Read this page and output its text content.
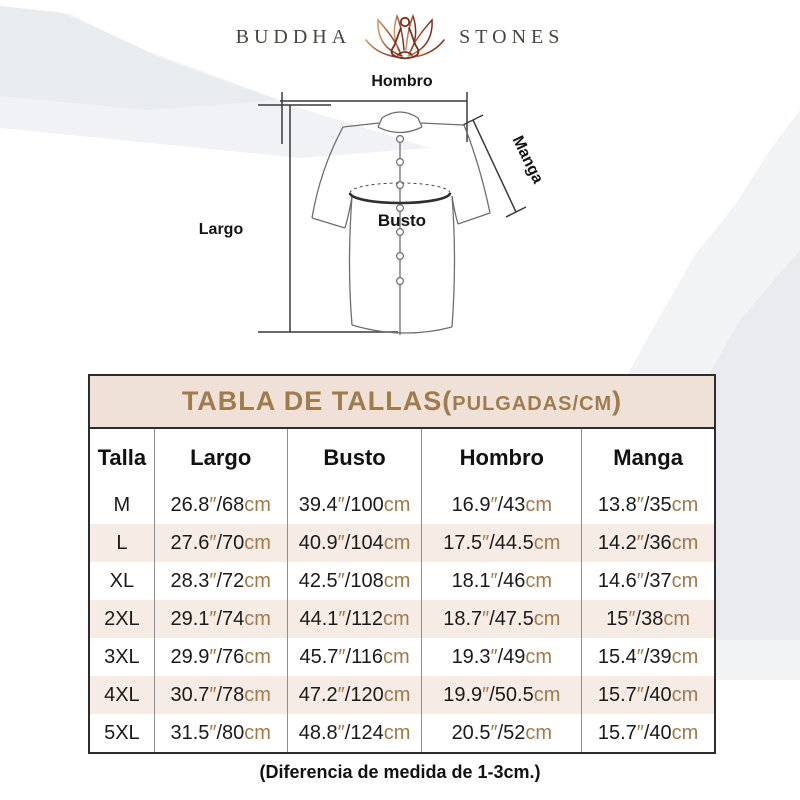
BUDDHA	STONES
Hombro
Manga
Largo	Busto
TABLA DE TALLAS(PULGADAS/CM)
Talla	Largo	Busto	Hombro	Manga
M	26.8″/68cm	39.4″/100cm	16.9″/43cm	13.8″/35cm
L	27.6″/70cm	40.9″/104cm	17.5″/44.5cm	14.2″/36cm
XL	28.3″/72cm	42.5″/108cm	18.1″/46cm	14.6″/37cm
2XL	29.1″/74cm	44.1″/112cm	18.7″/47.5cm	15″/38cm
3XL	29.9″/76cm	45.7″/116cm	19.3″/49cm	15.4″/39cm
4XL	30.7″/78cm	47.2″/120cm	19.9″/50.5cm	15.7″/40cm
5XL	31.5″/80cm	48.8″/124cm	20.5″/52cm	15.7″/40cm
(Diferencia de medida de 1-3cm.)
